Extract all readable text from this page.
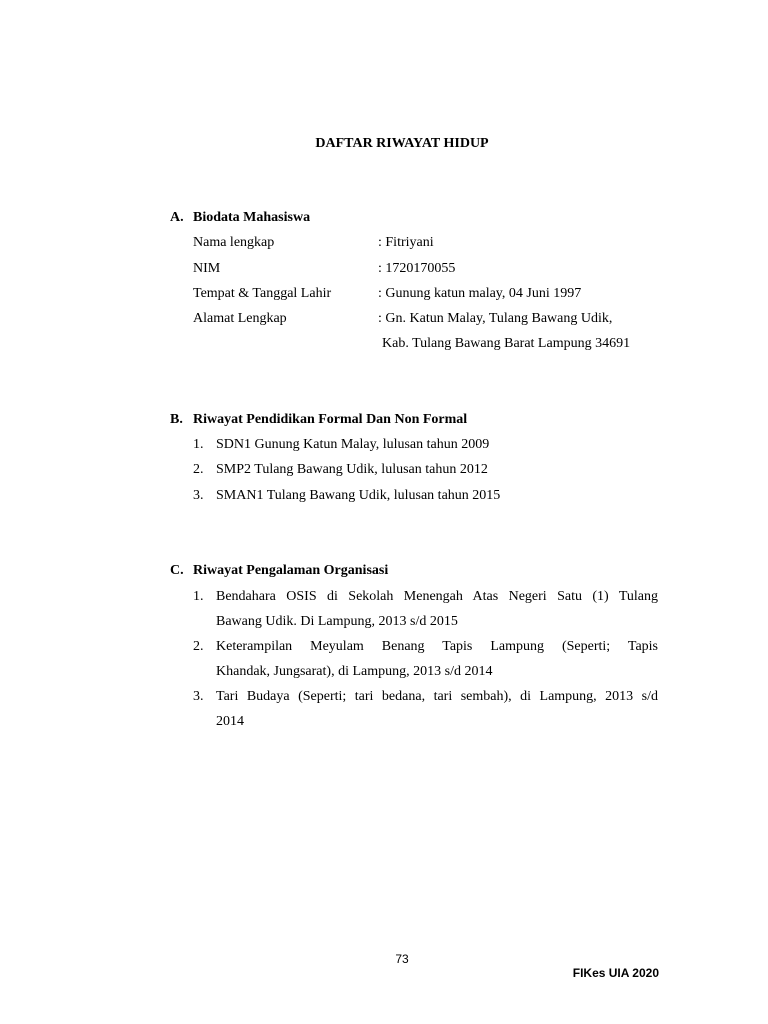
DAFTAR RIWAYAT HIDUP
A. Biodata Mahasiswa
Nama lengkap	: Fitriyani
NIM	: 1720170055
Tempat & Tanggal Lahir	: Gunung katun malay, 04 Juni 1997
Alamat Lengkap	: Gn. Katun Malay, Tulang Bawang Udik,
Kab. Tulang Bawang Barat Lampung 34691
B. Riwayat Pendidikan Formal Dan Non Formal
1. SDN1 Gunung Katun Malay, lulusan tahun 2009
2. SMP2 Tulang Bawang Udik, lulusan tahun 2012
3. SMAN1 Tulang Bawang Udik, lulusan tahun 2015
C. Riwayat Pengalaman Organisasi
1. Bendahara OSIS di Sekolah Menengah Atas Negeri Satu (1) Tulang
Bawang Udik. Di Lampung, 2013 s/d 2015
2. Keterampilan Meyulam Benang Tapis Lampung (Seperti; Tapis
Khandak, Jungsarat), di Lampung, 2013 s/d 2014
3. Tari Budaya (Seperti; tari bedana, tari sembah), di Lampung, 2013 s/d
2014
73
FIKes UIA 2020
